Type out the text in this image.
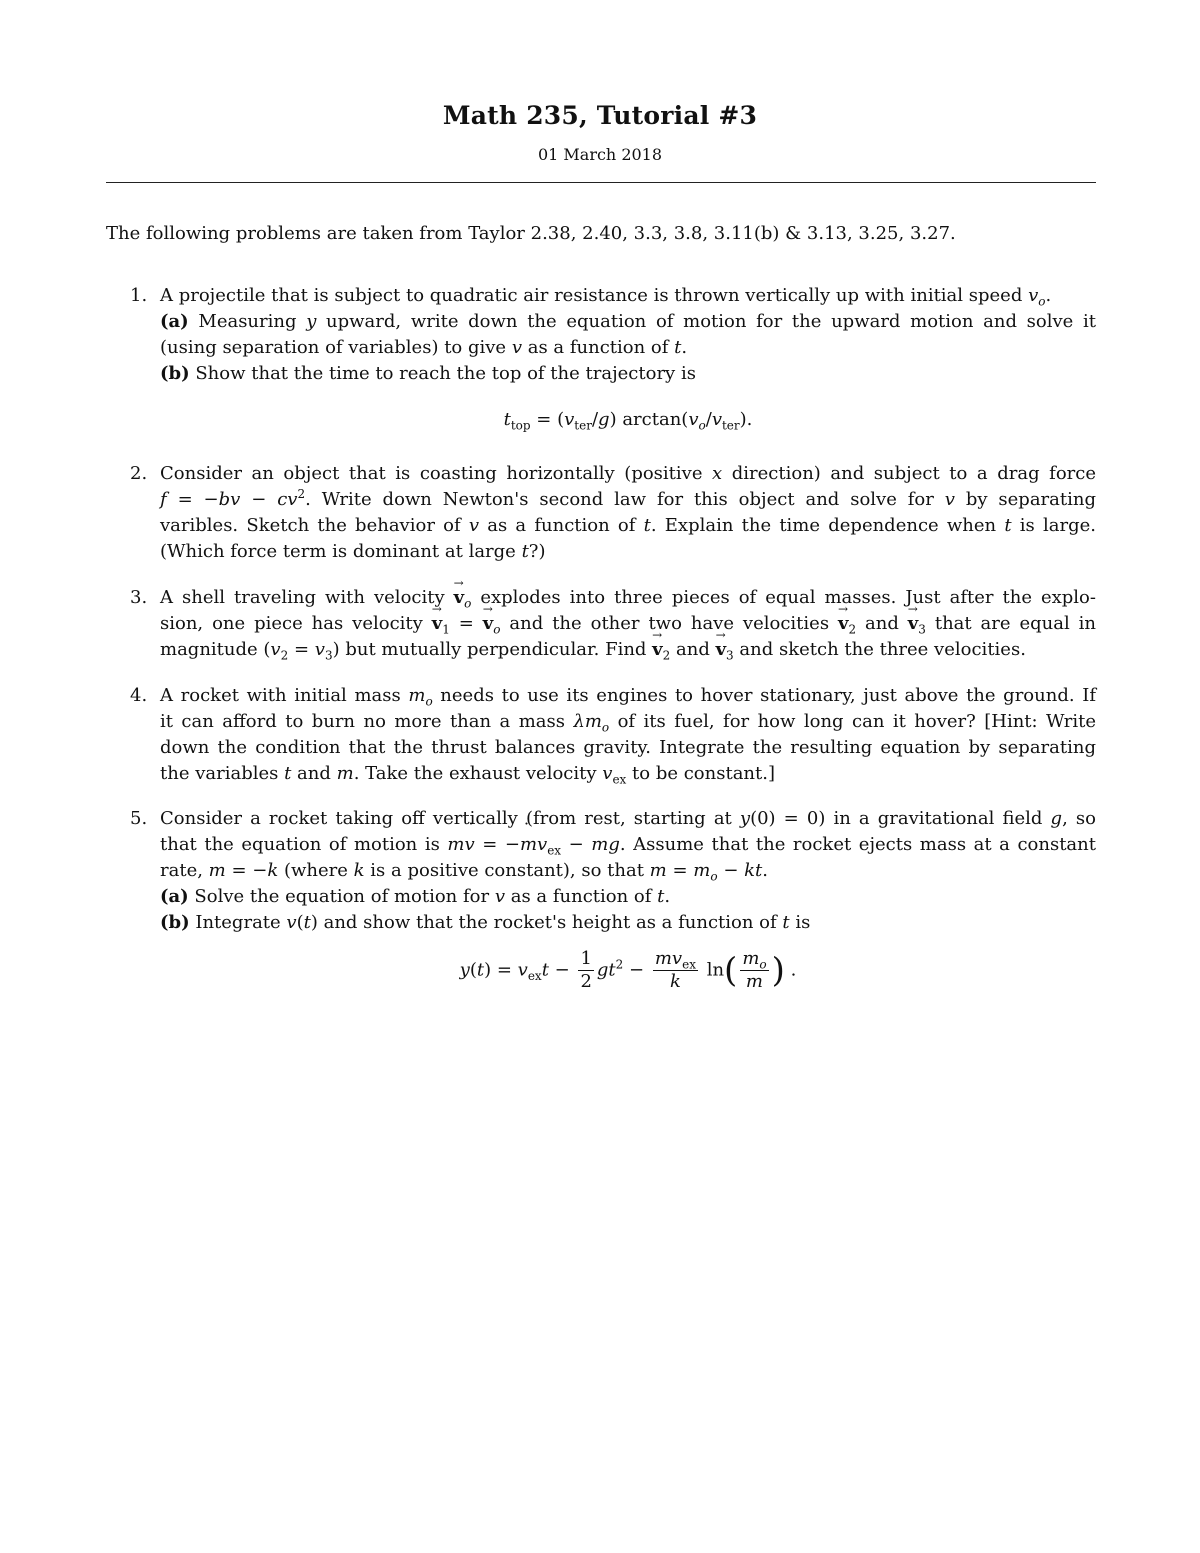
Math 235, Tutorial #3
01 March 2018
The following problems are taken from Taylor 2.38, 2.40, 3.3, 3.8, 3.11(b) & 3.13, 3.25, 3.27.
1. A projectile that is subject to quadratic air resistance is thrown vertically up with initial speed $v_o$.
(a) Measuring y upward, write down the equation of motion for the upward motion and solve it
(using separation of variables) to give v as a function of t.
(b) Show that the time to reach the top of the trajectory is
$t_{top} = (v_{ter}/g)$ $\arctan(v_o/v_{ter})$.
2. Consider an object that is coasting horizontally (positive x direction) and subject to a drag force
$f = -bv - cv^2$. Write down Newton's second law for this object and solve for v by separating
varibles. Sketch the behavior of v as a function of t. Explain the time dependence when t is large.
(Which force term is dominant at large t?)
3. A shell traveling with velocity → $v_o$ explodes into three pieces of equal masses. Just after the explo-
sion, one piece has velocity → $v_1$ = → $v_o$ and the other two have velocities → $v_2$ and → $v_3$ that are equal in
magnitude $(v_2 = v_3)$ but mutually perpendicular. Find → $v_2$ and → $v_3$ and sketch the three velocities.
4. A rocket with initial mass $m_o$ needs to use its engines to hover stationary, just above the ground. If
it can afford to burn no more than a mass $\lambda m_o$ of its fuel, for how long can it hover? [Hint: Write
down the condition that the thrust balances gravity. Integrate the resulting equation by separating
the variables t and m. Take the exhaust velocity $v_{ex}$ to be constant.]
5. Consider a rocket taking off vertically (from rest, starting at y(0) = 0) in a gravitational field g, so
that the equation of motion is m˙ v = −˙ $mv_{ex}$ − mg. Assume that the rocket ejects mass at a constant
rate, ˙ m = −k (where k is a positive constant), so that $m = m_o$ − kt.
(a) Solve the equation of motion for v as a function of t.
(b) Integrate v(t) and show that the rocket's height as a function of t is
$y(t) = v_{ex}t - \frac{1}{2} gt^2 - \frac{mv_{ex}}{k} \ln( \frac{m_o}{m}$ ) .
